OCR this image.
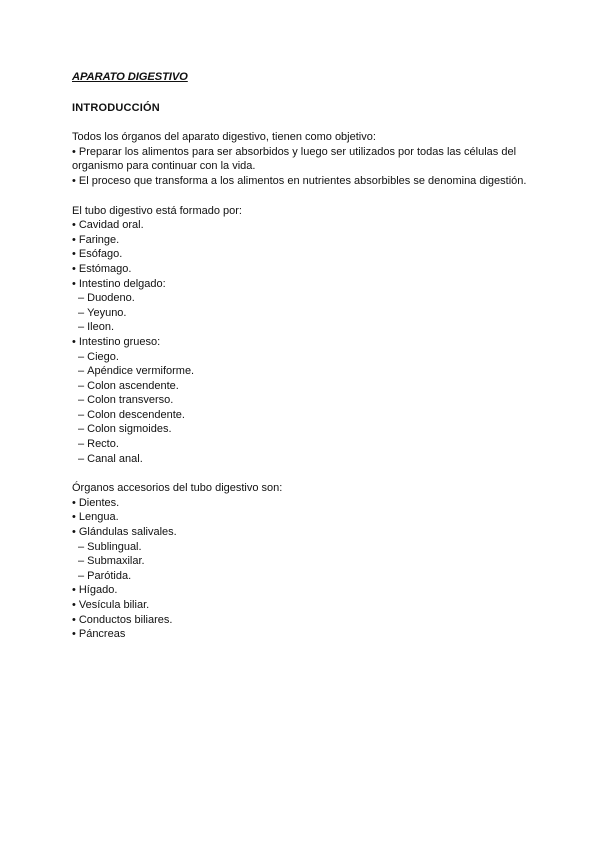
APARATO DIGESTIVO
INTRODUCCIÓN
Todos los órganos del aparato digestivo, tienen como objetivo:
• Preparar los alimentos para ser absorbidos y luego ser utilizados por todas las células del organismo para continuar con la vida.
• El proceso que transforma a los alimentos en nutrientes absorbibles se denomina digestión.
El tubo digestivo está formado por:
• Cavidad oral.
• Faringe.
• Esófago.
• Estómago.
• Intestino delgado:
– Duodeno.
– Yeyuno.
– Ileon.
• Intestino grueso:
– Ciego.
– Apéndice vermiforme.
– Colon ascendente.
– Colon transverso.
– Colon descendente.
– Colon sigmoides.
– Recto.
– Canal anal.
Órganos accesorios del tubo digestivo son:
• Dientes.
• Lengua.
• Glándulas salivales.
– Sublingual.
– Submaxilar.
– Parótida.
• Hígado.
• Vesícula biliar.
• Conductos biliares.
• Páncreas
